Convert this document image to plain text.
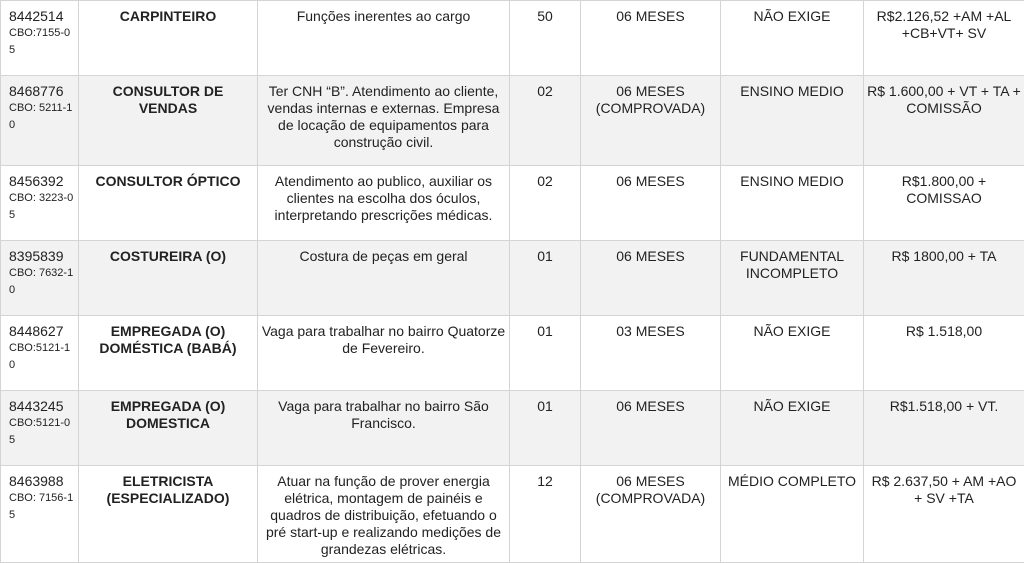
8442514
CBO:7155-05	CARPINTEIRO	Funções inerentes ao cargo	50	06 MESES	NÃO EXIGE	R$2.126,52 +AM +AL +CB+VT+ SV

8468776
CBO: 5211-10	CONSULTOR DE VENDAS	Ter CNH “B”. Atendimento ao cliente, vendas internas e externas. Empresa de locação de equipamentos para construção civil.	02	06 MESES (COMPROVADA)	ENSINO MEDIO	R$ 1.600,00 + VT + TA + COMISSÃO

8456392
CBO: 3223-05	CONSULTOR ÓPTICO	Atendimento ao publico, auxiliar os clientes na escolha dos óculos, interpretando prescrições médicas.	02	06 MESES	ENSINO MEDIO	R$1.800,00 + COMISSAO

8395839
CBO: 7632-10	COSTUREIRA (O)	Costura de peças em geral	01	06 MESES	FUNDAMENTAL INCOMPLETO	R$ 1800,00 + TA

8448627
CBO:5121-10	EMPREGADA (O) DOMÉSTICA (BABÁ)	Vaga para trabalhar no bairro Quatorze de Fevereiro.	01	03 MESES	NÃO EXIGE	R$ 1.518,00

8443245
CBO:5121-05	EMPREGADA (O) DOMESTICA	Vaga para trabalhar no bairro São Francisco.	01	06 MESES	NÃO EXIGE	R$1.518,00 + VT.

8463988
CBO: 7156-15	ELETRICISTA (ESPECIALIZADO)	Atuar na função de prover energia elétrica, montagem de painéis e quadros de distribuição, efetuando o pré start-up e realizando medições de grandezas elétricas.	12	06 MESES (COMPROVADA)	MÉDIO COMPLETO	R$ 2.637,50 + AM +AO + SV +TA
